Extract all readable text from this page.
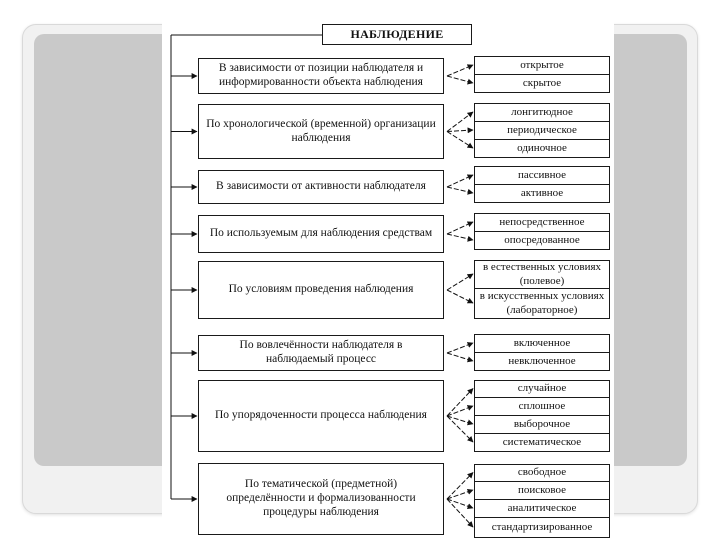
НАБЛЮДЕНИЕ
В зависимости от позиции наблюдателя и информированности объекта наблюдения
открытое
скрытое
По хронологической (временной) организации наблюдения
лонгитюдное
периодическое
одиночное
В зависимости от активности наблюдателя
пассивное
активное
По используемым для наблюдения средствам
непосредственное
опосредованное
По условиям проведения наблюдения
в естественных условиях (полевое)
в искусственных условиях (лабораторное)
По вовлечённости наблюдателя в наблюдаемый процесс
включенное
невключенное
По упорядоченности процесса наблюдения
случайное
сплошное
выборочное
систематическое
По тематической (предметной) определённости и формализованности процедуры наблюдения
свободное
поисковое
аналитическое
стандартизированное
